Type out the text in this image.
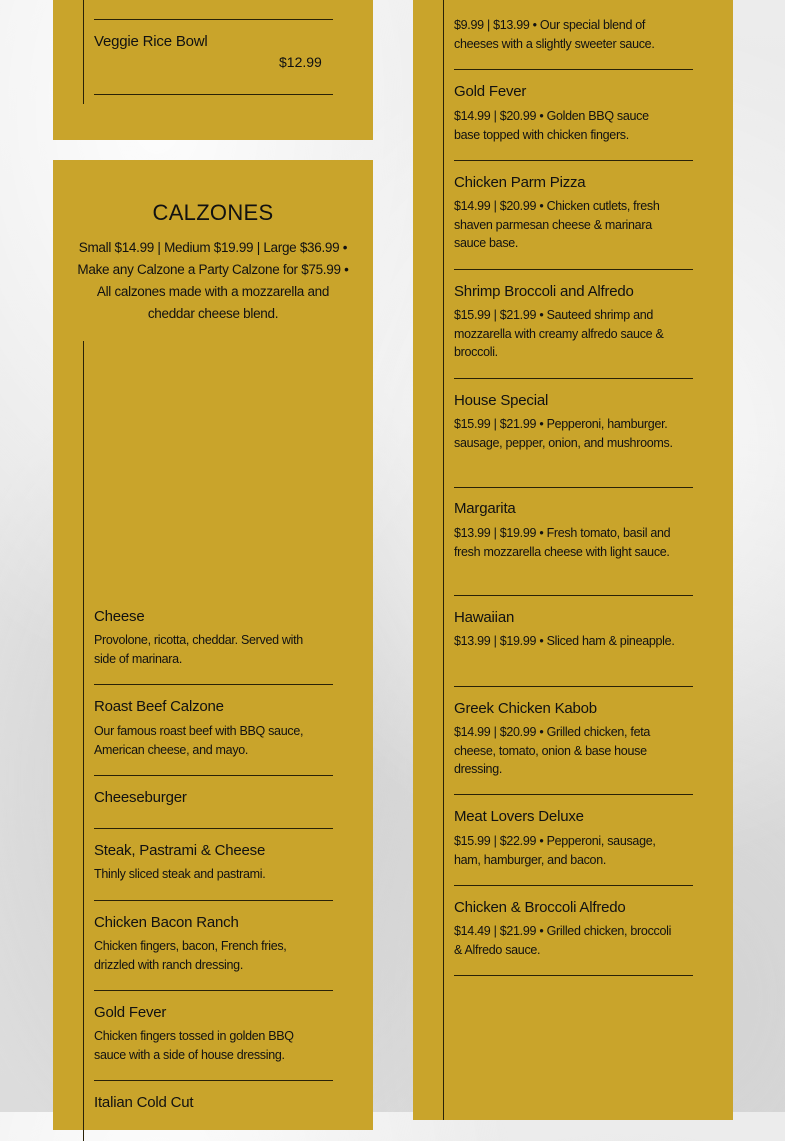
Veggie Rice Bowl
$12.99
CALZONES
Small $14.99 | Medium $19.99 | Large $36.99 • Make any Calzone a Party Calzone for $75.99 • All calzones made with a mozzarella and cheddar cheese blend.
Cheese
Provolone, ricotta, cheddar. Served with side of marinara.
Roast Beef Calzone
Our famous roast beef with BBQ sauce, American cheese, and mayo.
Cheeseburger
Steak, Pastrami & Cheese
Thinly sliced steak and pastrami.
Chicken Bacon Ranch
Chicken fingers, bacon, French fries, drizzled with ranch dressing.
Gold Fever
Chicken fingers tossed in golden BBQ sauce with a side of house dressing.
Italian Cold Cut
$9.99 | $13.99 • Our special blend of cheeses with a slightly sweeter sauce.
Gold Fever
$14.99 | $20.99 • Golden BBQ sauce base topped with chicken fingers.
Chicken Parm Pizza
$14.99 | $20.99 • Chicken cutlets, fresh shaven parmesan cheese & marinara sauce base.
Shrimp Broccoli and Alfredo
$15.99 | $21.99 • Sauteed shrimp and mozzarella with creamy alfredo sauce & broccoli.
House Special
$15.99 | $21.99 • Pepperoni, hamburger. sausage, pepper, onion, and mushrooms.
Margarita
$13.99 | $19.99 • Fresh tomato, basil and fresh mozzarella cheese with light sauce.
Hawaiian
$13.99 | $19.99 • Sliced ham & pineapple.
Greek Chicken Kabob
$14.99 | $20.99 • Grilled chicken, feta cheese, tomato, onion & base house dressing.
Meat Lovers Deluxe
$15.99 | $22.99 • Pepperoni, sausage, ham, hamburger, and bacon.
Chicken & Broccoli Alfredo
$14.49 | $21.99 • Grilled chicken, broccoli & Alfredo sauce.
